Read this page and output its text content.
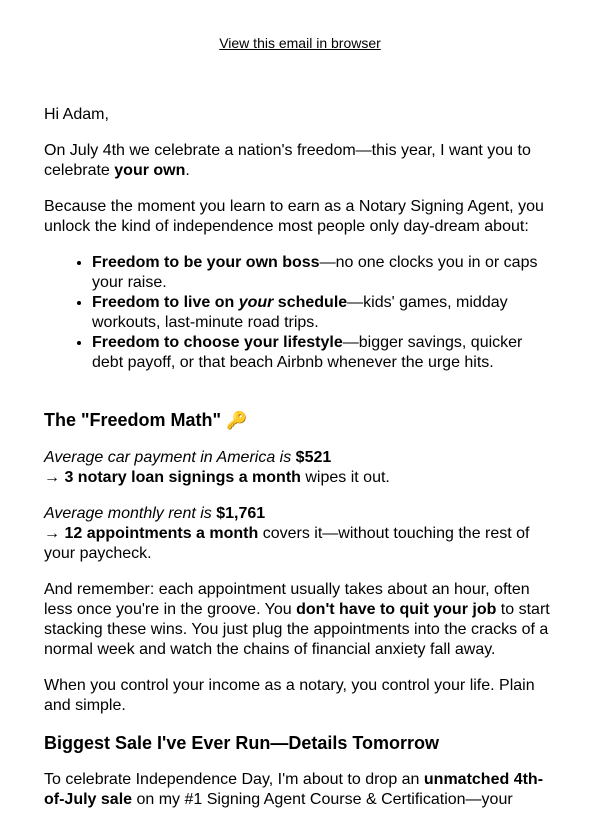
View this email in browser

Hi Adam,

On July 4th we celebrate a nation's freedom—this year, I want you to celebrate your own.

Because the moment you learn to earn as a Notary Signing Agent, you unlock the kind of independence most people only day-dream about:

• Freedom to be your own boss—no one clocks you in or caps your raise.
• Freedom to live on your schedule—kids' games, midday workouts, last-minute road trips.
• Freedom to choose your lifestyle—bigger savings, quicker debt payoff, or that beach Airbnb whenever the urge hits.
The "Freedom Math" 🔑

Average car payment in America is $521
→ 3 notary loan signings a month wipes it out.

Average monthly rent is $1,761
→ 12 appointments a month covers it—without touching the rest of your paycheck.

And remember: each appointment usually takes about an hour, often less once you're in the groove. You don't have to quit your job to start stacking these wins. You just plug the appointments into the cracks of a normal week and watch the chains of financial anxiety fall away.

When you control your income as a notary, you control your life. Plain and simple.

Biggest Sale I've Ever Run—Details Tomorrow

To celebrate Independence Day, I'm about to drop an unmatched 4th-of-July sale on my #1 Signing Agent Course & Certification—your
